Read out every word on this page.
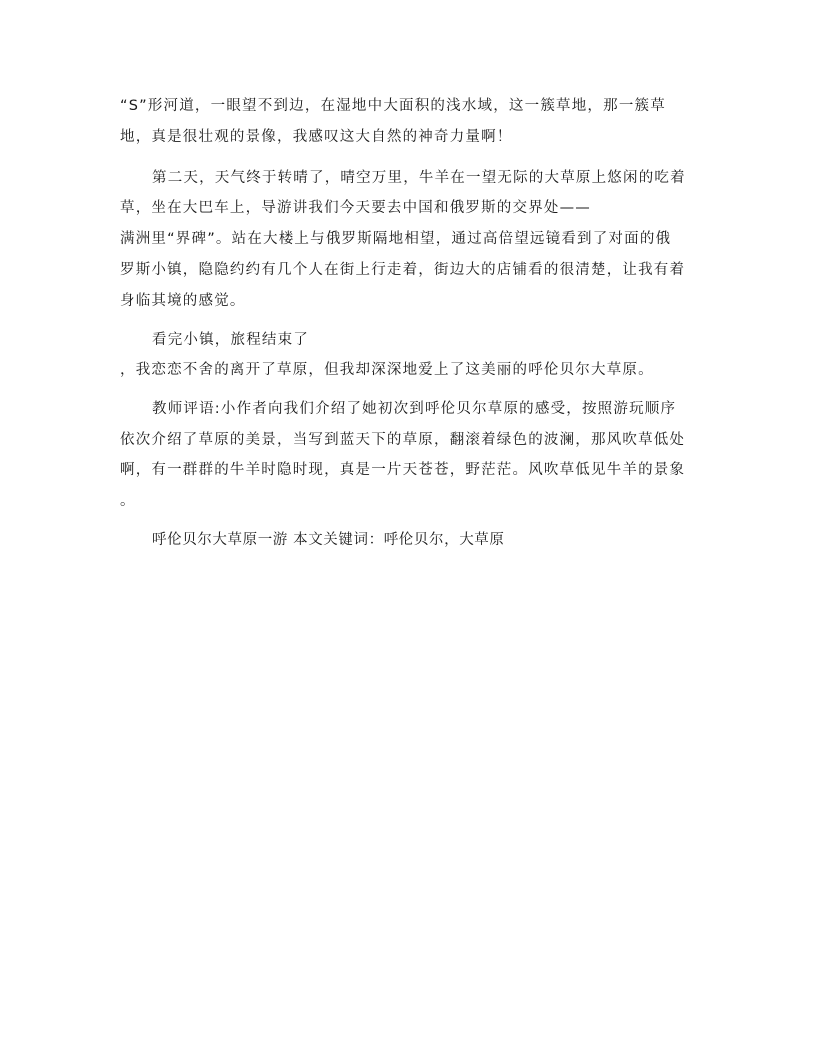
“S”形河道，一眼望不到边，在湿地中大面积的浅水域，这一簇草地，那一簇草
地，真是很壮观的景像，我感叹这大自然的神奇力量啊！
第二天，天气终于转晴了，晴空万里，牛羊在一望无际的大草原上悠闲的吃着
草，坐在大巴车上，导游讲我们今天要去中国和俄罗斯的交界处——
满洲里“界碑”。站在大楼上与俄罗斯隔地相望，通过高倍望远镜看到了对面的俄
罗斯小镇，隐隐约约有几个人在街上行走着，街边大的店铺看的很清楚，让我有着
身临其境的感觉。
看完小镇，旅程结束了
，我恋恋不舍的离开了草原，但我却深深地爱上了这美丽的呼伦贝尔大草原。
教师评语:小作者向我们介绍了她初次到呼伦贝尔草原的感受，按照游玩顺序
依次介绍了草原的美景，当写到蓝天下的草原，翻滚着绿色的波澜，那风吹草低处
啊，有一群群的牛羊时隐时现，真是一片天苍苍，野茫茫。风吹草低见牛羊的景象
。
呼伦贝尔大草原一游 本文关键词：呼伦贝尔，大草原
